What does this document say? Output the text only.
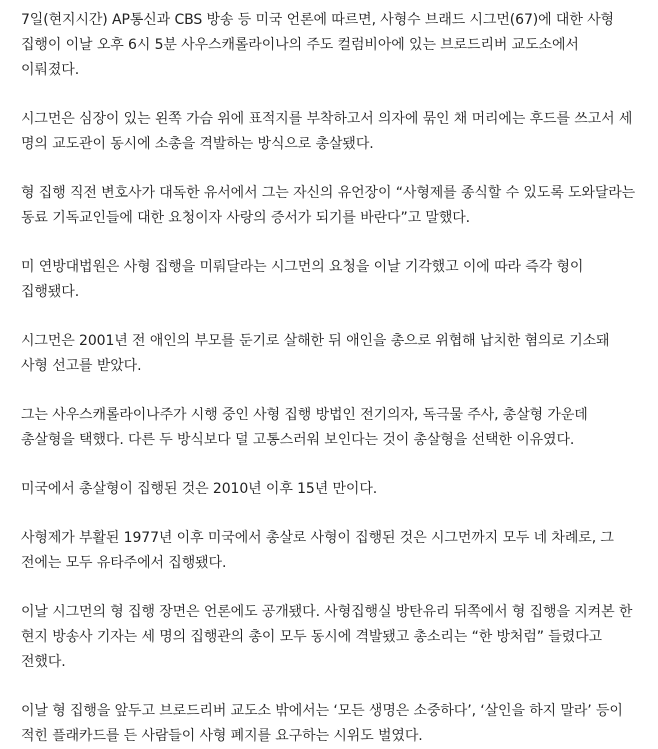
7일(현지시간) AP통신과 CBS 방송 등 미국 언론에 따르면, 사형수 브래드 시그먼(67)에 대한 사형 집행이 이날 오후 6시 5분 사우스캐롤라이나의 주도 컬럼비아에 있는 브로드리버 교도소에서 이뤄졌다.

시그먼은 심장이 있는 왼쪽 가슴 위에 표적지를 부착하고서 의자에 묶인 채 머리에는 후드를 쓰고서 세 명의 교도관이 동시에 소총을 격발하는 방식으로 총살됐다.

형 집행 직전 변호사가 대독한 유서에서 그는 자신의 유언장이 “사형제를 종식할 수 있도록 도와달라는 동료 기독교인들에 대한 요청이자 사랑의 증서가 되기를 바란다”고 말했다.

미 연방대법원은 사형 집행을 미뤄달라는 시그먼의 요청을 이날 기각했고 이에 따라 즉각 형이 집행됐다.

시그먼은 2001년 전 애인의 부모를 둔기로 살해한 뒤 애인을 총으로 위협해 납치한 혐의로 기소돼 사형 선고를 받았다.

그는 사우스캐롤라이나주가 시행 중인 사형 집행 방법인 전기의자, 독극물 주사, 총살형 가운데 총살형을 택했다. 다른 두 방식보다 덜 고통스러워 보인다는 것이 총살형을 선택한 이유였다.

미국에서 총살형이 집행된 것은 2010년 이후 15년 만이다.

사형제가 부활된 1977년 이후 미국에서 총살로 사형이 집행된 것은 시그먼까지 모두 네 차례로, 그 전에는 모두 유타주에서 집행됐다.

이날 시그먼의 형 집행 장면은 언론에도 공개됐다. 사형집행실 방탄유리 뒤쪽에서 형 집행을 지켜본 한 현지 방송사 기자는 세 명의 집행관의 총이 모두 동시에 격발됐고 총소리는 “한 방처럼” 들렸다고 전했다.

이날 형 집행을 앞두고 브로드리버 교도소 밖에서는 ‘모든 생명은 소중하다’, ‘살인을 하지 말라’ 등이 적힌 플래카드를 든 사람들이 사형 폐지를 요구하는 시위도 벌였다.
